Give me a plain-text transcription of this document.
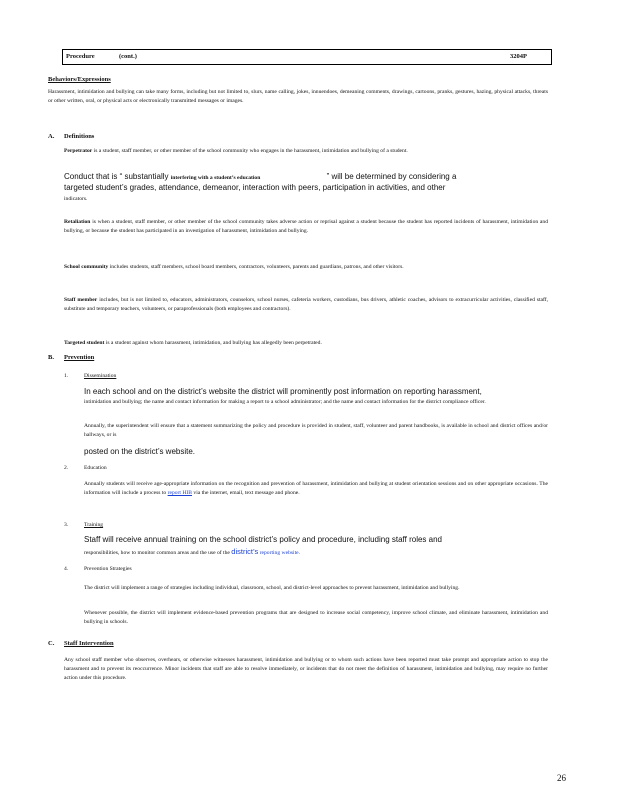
Procedure	(cont.)	3204P
Behaviors/Expressions
Harassment, intimidation and bullying can take many forms, including but not limited to, slurs, name calling, jokes, innuendoes, demeaning comments, drawings, cartoons, pranks, gestures, hazing, physical attacks, threats or other written, oral, or physical acts or electronically transmitted messages or images.
A. Definitions
Perpetrator is a student, staff member, or other member of the school community who engages in the harassment, intimidation and bullying of a student.
Conduct that is “ substantially interfering with a student’s education	” will be determined by considering a
targeted student’s grades, attendance, demeanor, interaction with peers, participation in activities, and other
indicators.
Retaliation is when a student, staff member, or other member of the school community takes adverse action or reprisal against a student because the student has reported incidents of harassment, intimidation and bullying, or because the student has participated in an investigation of harassment, intimidation and bullying.
School community includes students, staff members, school board members, contractors, volunteers, parents and guardians, patrons, and other visitors.
Staff member includes, but is not limited to, educators, administrators, counselors, school nurses, cafeteria workers, custodians, bus drivers, athletic coaches, advisors to extracurricular activities, classified staff, substitute and temporary teachers, volunteers, or paraprofessionals (both employees and contractors).
Targeted student is a student against whom harassment, intimidation, and bullying has allegedly been perpetrated.
B. Prevention
1.	Dissemination
In each school and on the district’s website the district will prominently post information on reporting harassment,
intimidation and bullying; the name and contact information for making a report to a school administrator; and the name and contact information for the district compliance officer.
Annually, the superintendent will ensure that a statement summarizing the policy and procedure is provided in student, staff, volunteer and parent handbooks, is available in school and district offices and/or hallways, or is
posted on the district’s website.
2.	Education
Annually students will receive age-appropriate information on the recognition and prevention of harassment, intimidation and bullying at student orientation sessions and on other appropriate occasions. The information will include a process to report HIB via the internet, email, text message and phone.
3.	Training
Staff will receive annual training on the school district’s policy and procedure, including staff roles and
responsibilities, how to monitor common areas and the use of the district’s reporting website.
4.	Prevention Strategies
The district will implement a range of strategies including individual, classroom, school, and district-level approaches to prevent harassment, intimidation and bullying.
Whenever possible, the district will implement evidence-based prevention programs that are designed to increase social competency, improve school climate, and eliminate harassment, intimidation and bullying in schools.
C. Staff Intervention
Any school staff member who observes, overhears, or otherwise witnesses harassment, intimidation and bullying or to whom such actions have been reported must take prompt and appropriate action to stop the harassment and to prevent its reoccurrence. Minor incidents that staff are able to resolve immediately, or incidents that do not meet the definition of harassment, intimidation and bullying, may require no further action under this procedure.
26
